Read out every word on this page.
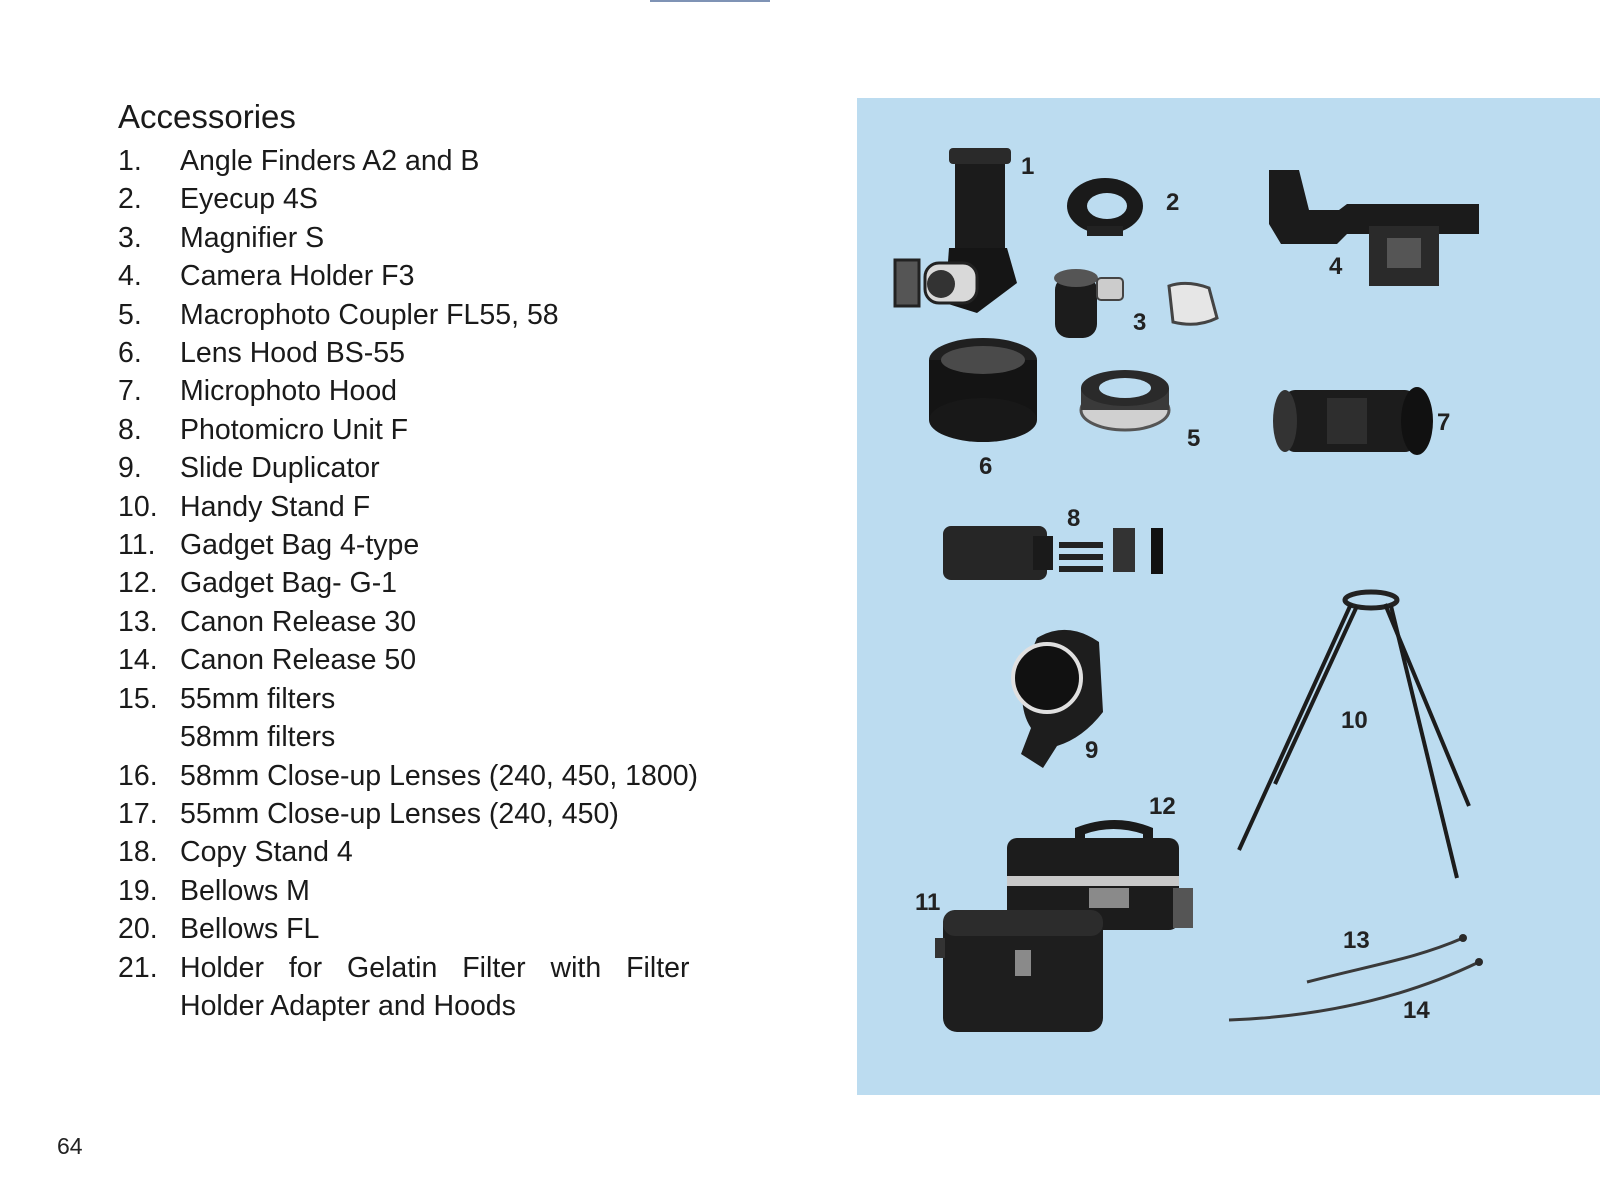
Accessories
1.	Angle Finders A2 and B
2.	Eyecup 4S
3.	Magnifier S
4.	Camera Holder F3
5.	Macrophoto Coupler FL55, 58
6.	Lens Hood BS-55
7.	Microphoto Hood
8.	Photomicro Unit F
9.	Slide Duplicator
10. Handy Stand F
11. Gadget Bag 4-type
12. Gadget Bag- G-1
13. Canon Release 30
14. Canon Release 50
15. 55mm filters
58mm filters
16. 58mm Close-up Lenses (240, 450, 1800)
17. 55mm Close-up Lenses (240, 450)
18. Copy Stand 4
19. Bellows M
20. Bellows FL
21. Holder for Gelatin Filter with Filter
Holder Adapter and Hoods
64
1
2
3
4
5
6
7
8
9
10
11
12
13
14
